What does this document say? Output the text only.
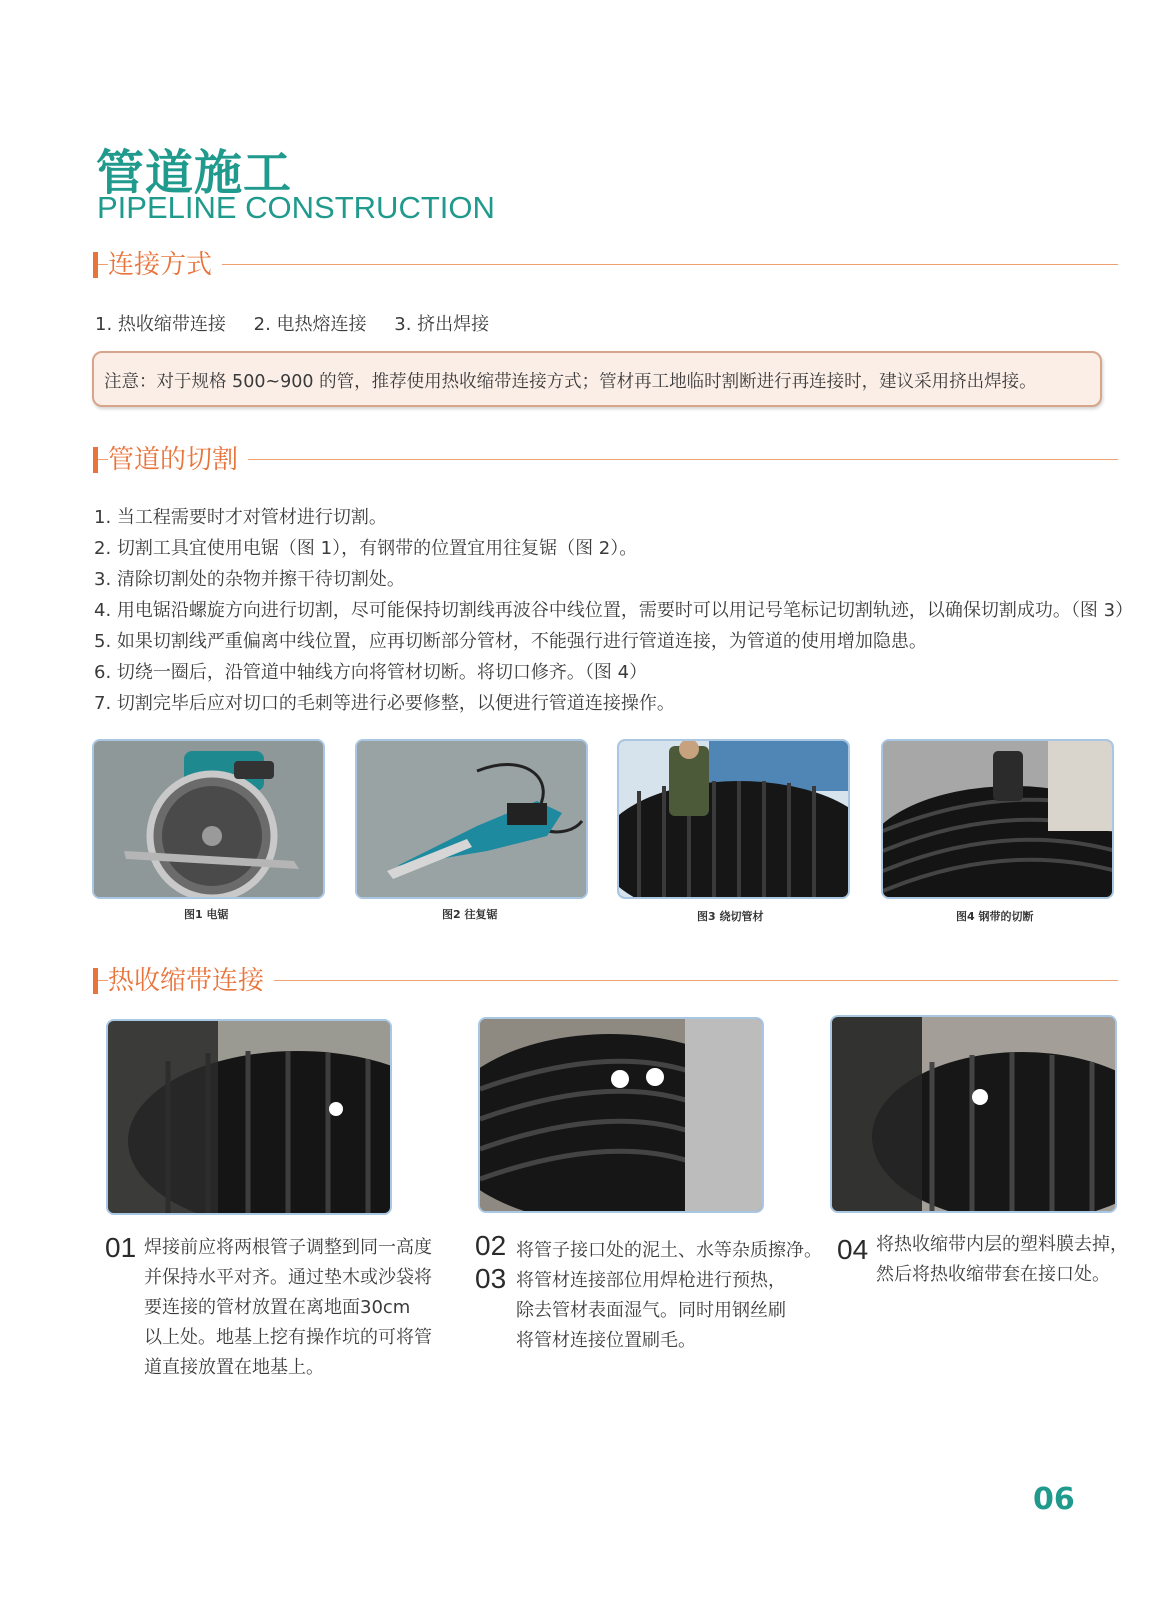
管道施工
PIPELINE CONSTRUCTION
连接方式
1. 热收缩带连接 2. 电热熔连接 3. 挤出焊接
注意：对于规格 500~900 的管，推荐使用热收缩带连接方式；管材再工地临时割断进行再连接时，建议采用挤出焊接。
管道的切割
1. 当工程需要时才对管材进行切割。
2. 切割工具宜使用电锯（图 1），有钢带的位置宜用往复锯（图 2）。
3. 清除切割处的杂物并擦干待切割处。
4. 用电锯沿螺旋方向进行切割，尽可能保持切割线再波谷中线位置，需要时可以用记号笔标记切割轨迹，以确保切割成功。（图 3）
5. 如果切割线严重偏离中线位置，应再切断部分管材，不能强行进行管道连接，为管道的使用增加隐患。
6. 切绕一圈后，沿管道中轴线方向将管材切断。将切口修齐。（图 4）
7. 切割完毕后应对切口的毛刺等进行必要修整，以便进行管道连接操作。
图1 电锯	图2 往复锯	图3 绕切管材	图4 钢带的切断
热收缩带连接
01 焊接前应将两根管子调整到同一高度并保持水平对齐。通过垫木或沙袋将要连接的管材放置在离地面30cm 以上处。地基上挖有操作坑的可将管道直接放置在地基上。
02 将管子接口处的泥土、水等杂质擦净。
03 将管材连接部位用焊枪进行预热，除去管材表面湿气。同时用钢丝刷将管材连接位置刷毛。
04 将热收缩带内层的塑料膜去掉，然后将热收缩带套在接口处。
06
